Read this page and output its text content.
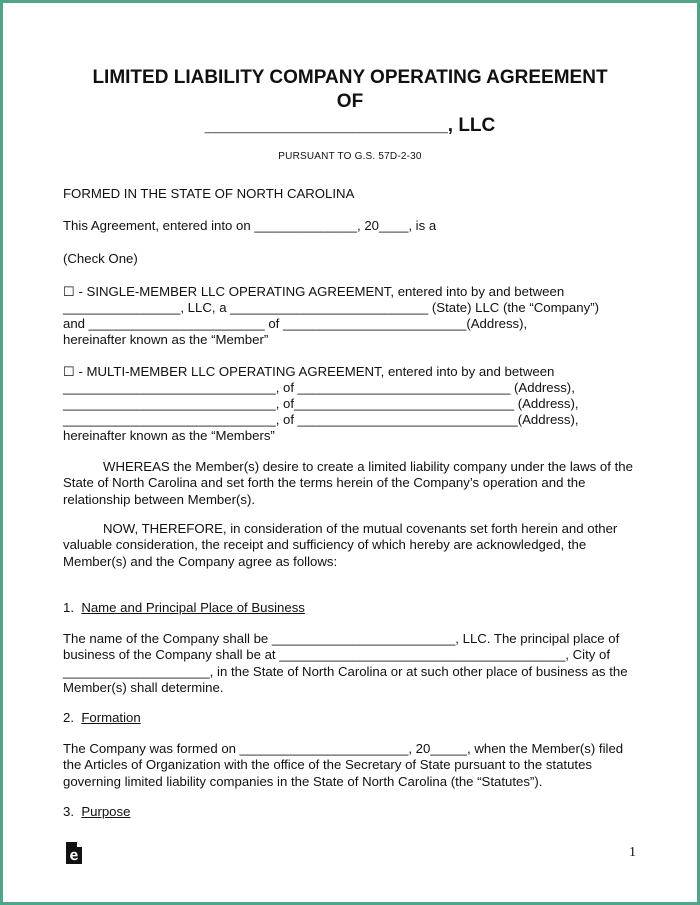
LIMITED LIABILITY COMPANY OPERATING AGREEMENT
OF
_______________________, LLC
PURSUANT TO G.S. 57D-2-30
FORMED IN THE STATE OF NORTH CAROLINA
This Agreement, entered into on ______________, 20____, is a
(Check One)
☐ - SINGLE-MEMBER LLC OPERATING AGREEMENT, entered into by and between
________________, LLC, a ___________________________ (State) LLC (the “Company”)
and ________________________ of _________________________(Address),
hereinafter known as the “Member”
☐ - MULTI-MEMBER LLC OPERATING AGREEMENT, entered into by and between
_____________________________, of _____________________________ (Address),
_____________________________, of______________________________ (Address),
_____________________________, of ______________________________(Address),
hereinafter known as the “Members”
WHEREAS the Member(s) desire to create a limited liability company under the laws of the State of North Carolina and set forth the terms herein of the Company’s operation and the relationship between Member(s).
NOW, THEREFORE, in consideration of the mutual covenants set forth herein and other valuable consideration, the receipt and sufficiency of which hereby are acknowledged, the Member(s) and the Company agree as follows:
1. Name and Principal Place of Business
The name of the Company shall be _________________________, LLC. The principal place of business of the Company shall be at _______________________________________, City of ____________________, in the State of North Carolina or at such other place of business as the Member(s) shall determine.
2. Formation
The Company was formed on _______________________, 20_____, when the Member(s) filed the Articles of Organization with the office of the Secretary of State pursuant to the statutes governing limited liability companies in the State of North Carolina (the “Statutes”).
3. Purpose
1
